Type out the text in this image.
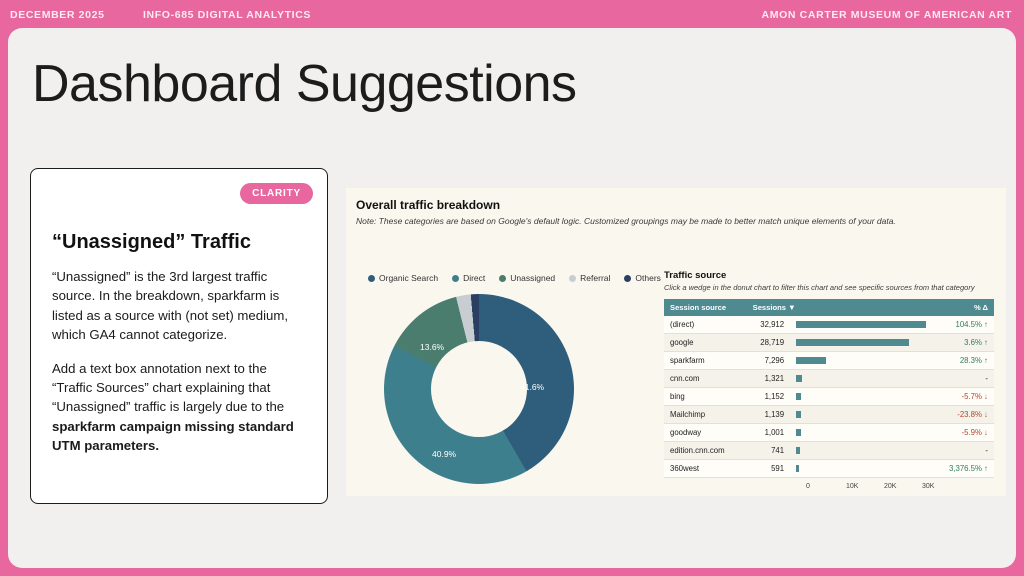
DECEMBER 2025	INFO-685 DIGITAL ANALYTICS	AMON CARTER MUSEUM OF AMERICAN ART
Dashboard Suggestions
CLARITY
“Unassigned” Traffic

“Unassigned” is the 3rd largest traffic source. In the breakdown, sparkfarm is listed as a source with (not set) medium, which GA4 cannot categorize.

Add a text box annotation next to the “Traffic Sources” chart explaining that “Unassigned” traffic is largely due to the sparkfarm campaign missing standard UTM parameters.

Overall traffic breakdown
Note: These categories are based on Google's default logic. Customized groupings may be made to better match unique elements of your data.
Organic Search	Direct	Unassigned	Referral	Others
41.6%
40.9%
13.6%
Traffic source
Click a wedge in the donut chart to filter this chart and see specific sources from that category
Session source	Sessions ▼		% Δ
(direct)	32,912		104.5% ↑
google	28,719		3.6% ↑
sparkfarm	7,296		28.3% ↑
cnn.com	1,321		-
bing	1,152		-5.7% ↓
Mailchimp	1,139		-23.8% ↓
goodway	1,001		-5.9% ↓
edition.cnn.com	741		-
360west	591		3,376.5% ↑
0	10K	20K	30K
